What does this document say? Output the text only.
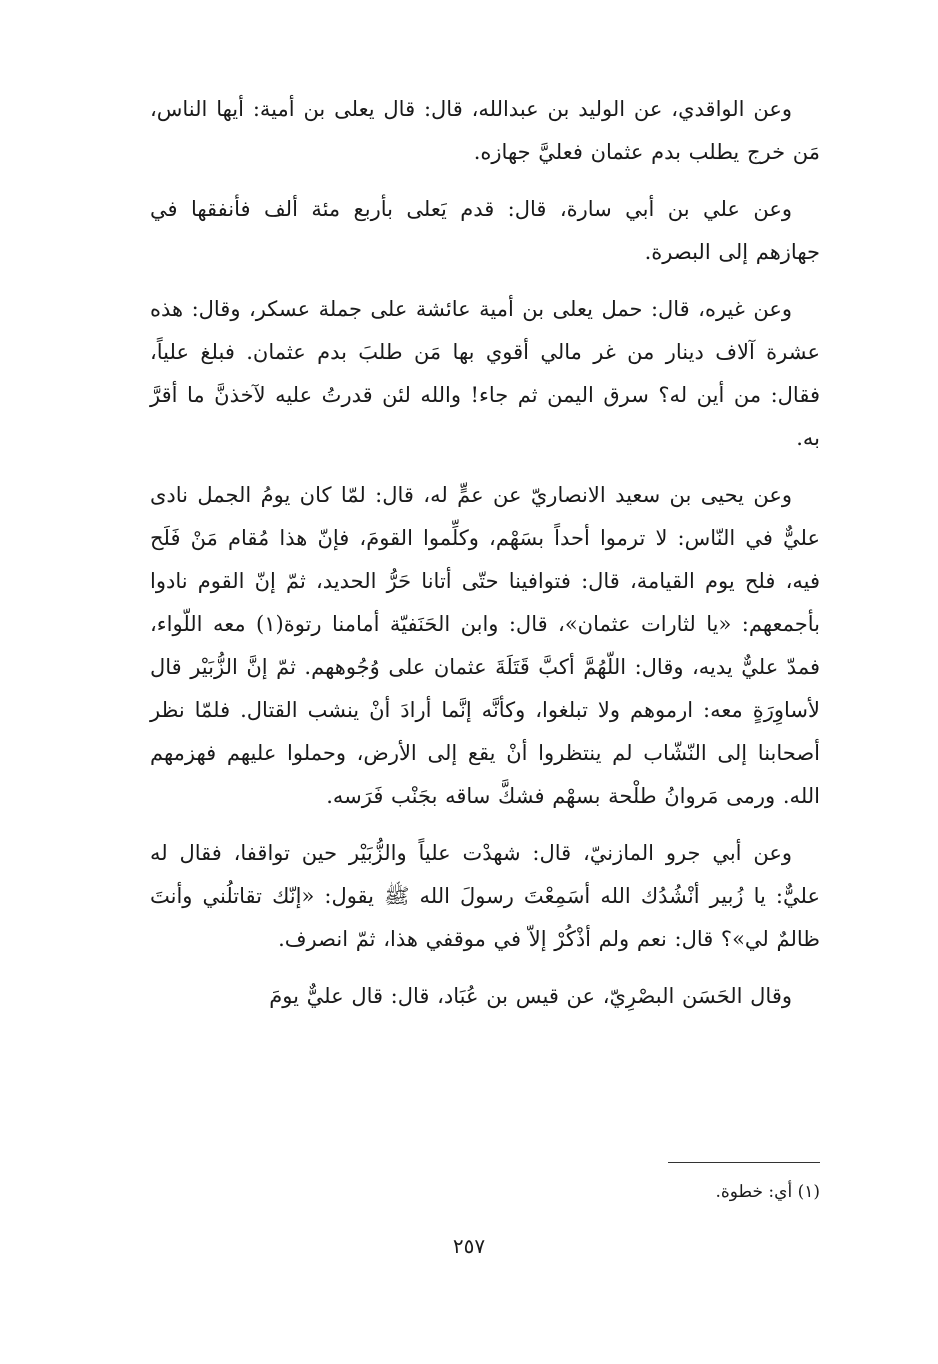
وعن الواقدي، عن الوليد بن عبدالله، قال: قال يعلى بن أمية: أيها الناس، مَن خرج يطلب بدم عثمان فعليَّ جهازه.

وعن علي بن أبي سارة، قال: قدم يَعلى بأربع مئة ألف فأنفقها في جهازهم إلى البصرة.

وعن غيره، قال: حمل يعلى بن أمية عائشة على جملة عسكر، وقال: هذه عشرة آلاف دينار من غر مالي أقوي بها مَن طلبَ بدم عثمان. فبلغ علياً، فقال: من أين له؟ سرق اليمن ثم جاء! والله لئن قدرتُ عليه لآخذنَّ ما أقرَّ به.

وعن يحيى بن سعيد الانصاريّ عن عمٍّ له، قال: لمّا كان يومُ الجمل نادى عليٌّ في النّاس: لا ترموا أحداً بسَهْم، وكلِّموا القومَ، فإنّ هذا مُقام مَنْ فَلَح فيه، فلح يوم القيامة، قال: فتوافينا حتّى أتانا حَرُّ الحديد، ثمّ إنّ القوم نادوا بأجمعهم: «يا لثارات عثمان»، قال: وابن الحَنَفيّة أمامنا رتوة(١) معه اللّواء، فمدّ عليٌّ يديه، وقال: اللّهُمَّ أكبَّ قَتَلَةَ عثمان على وُجُوههم. ثمّ إنَّ الزُّبَيْر قال لأساوِرَةٍ معه: ارموهم ولا تبلغوا، وكأنَّه إنَّما أرادَ أنْ ينشب القتال. فلمّا نظر أصحابنا إلى النّشّاب لم ينتظروا أنْ يقع إلى الأرض، وحملوا عليهم فهزمهم الله. ورمى مَروانُ طلْحة بسهْم فشكَّ ساقه بجَنْب فَرَسه.

وعن أبي جرو المازنيّ، قال: شهدْت علياً والزُّبَيْر حين تواقفا، فقال له عليٌّ: يا زُبير أنْشُدُك الله أسَمِعْتَ رسولَ الله ﷺ يقول: «إنّك تقاتلُني وأنتَ ظالمٌ لي»؟ قال: نعم ولم أذْكُرْ إلاّ في موقفي هذا، ثمّ انصرف.

وقال الحَسَن البصْرِيّ، عن قيس بن عُبَاد، قال: قال عليٌّ يومَ

(١) أي: خطوة.
٢٥٧
